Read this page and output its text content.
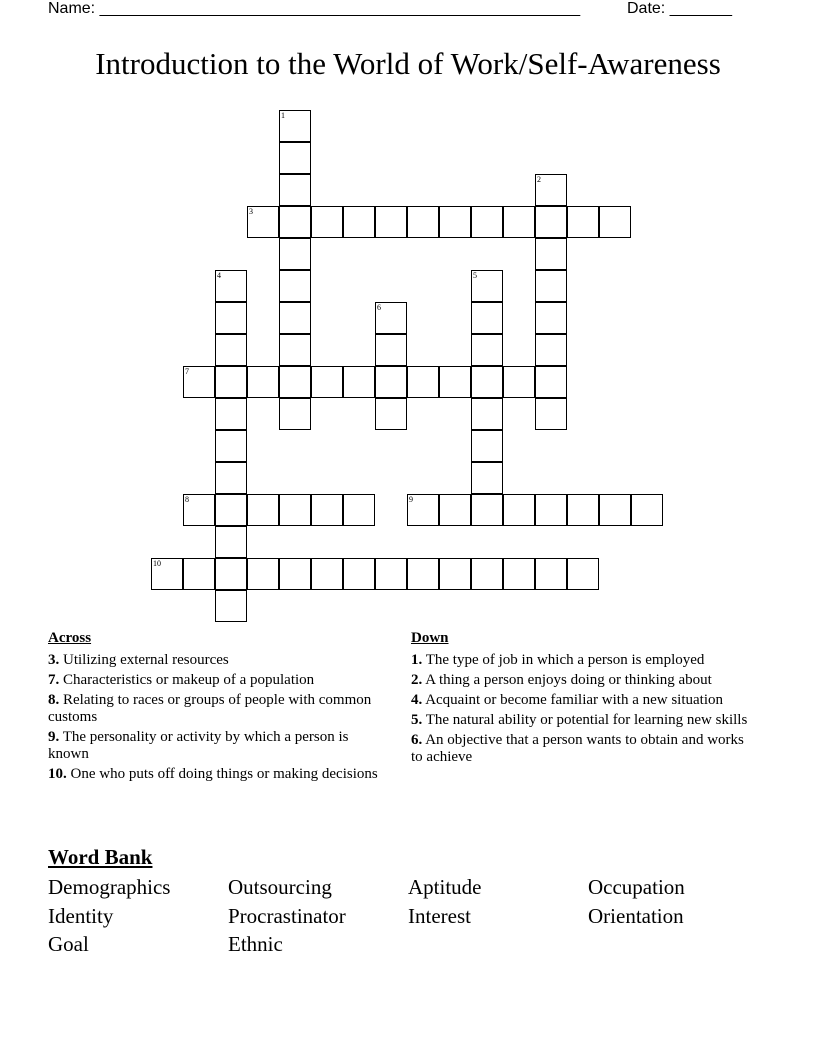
Name: ______________________________________________________	Date: _______
Introduction to the World of Work/Self-Awareness
1
2
3
4	5
6
7
8	9
10
Across
3. Utilizing external resources
7. Characteristics or makeup of a population
8. Relating to races or groups of people with common customs
9. The personality or activity by which a person is known
10. One who puts off doing things or making decisions
Down
1. The type of job in which a person is employed
2. A thing a person enjoys doing or thinking about
4. Acquaint or become familiar with a new situation
5. The natural ability or potential for learning new skills
6. An objective that a person wants to obtain and works to achieve
Word Bank
Demographics	Outsourcing	Aptitude	Occupation
Identity	Procrastinator	Interest	Orientation
Goal	Ethnic
